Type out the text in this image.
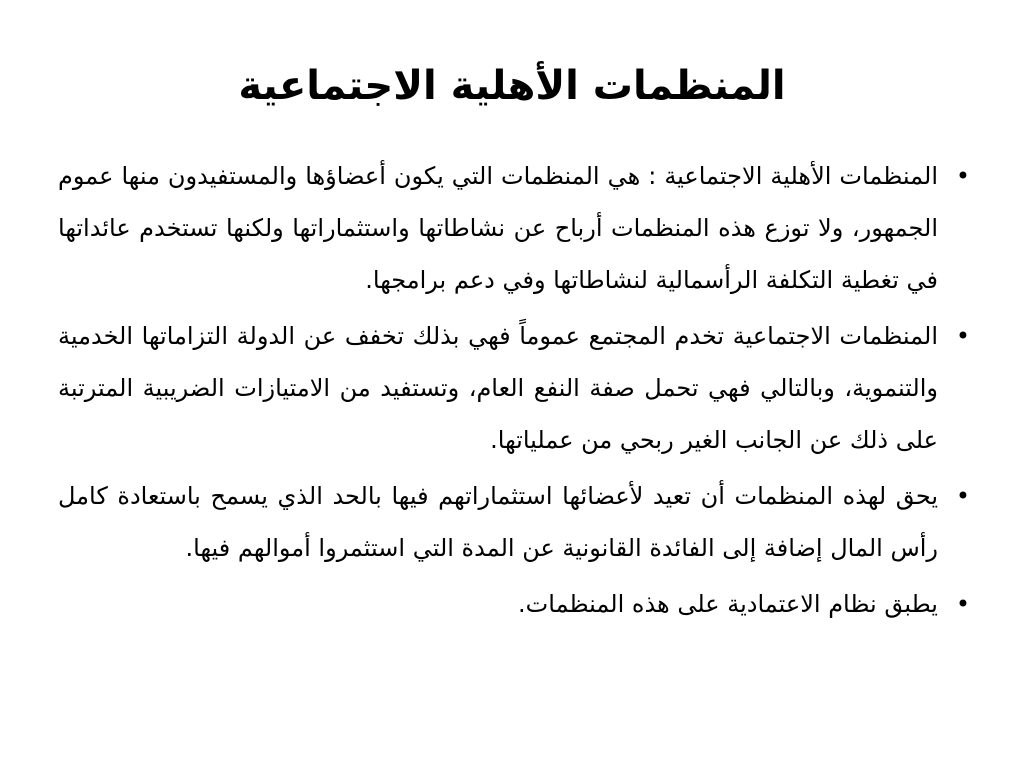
المنظمات الأهلية الاجتماعية
•
المنظمات الأهلية الاجتماعية : هي المنظمات التي يكون أعضاؤها والمستفيدون منها عموم الجمهور، ولا توزع هذه المنظمات أرباح عن نشاطاتها واستثماراتها ولكنها تستخدم عائداتها في تغطية التكلفة الرأسمالية لنشاطاتها وفي دعم برامجها.
•
المنظمات الاجتماعية تخدم المجتمع عموماً فهي بذلك تخفف عن الدولة التزاماتها الخدمية والتنموية، وبالتالي فهي تحمل صفة النفع العام، وتستفيد من الامتيازات الضريبية المترتبة على ذلك عن الجانب الغير ربحي من عملياتها.
•
يحق لهذه المنظمات أن تعيد لأعضائها استثماراتهم فيها بالحد الذي يسمح باستعادة كامل رأس المال إضافة إلى الفائدة القانونية عن المدة التي استثمروا أموالهم فيها.
•
يطبق نظام الاعتمادية على هذه المنظمات.
